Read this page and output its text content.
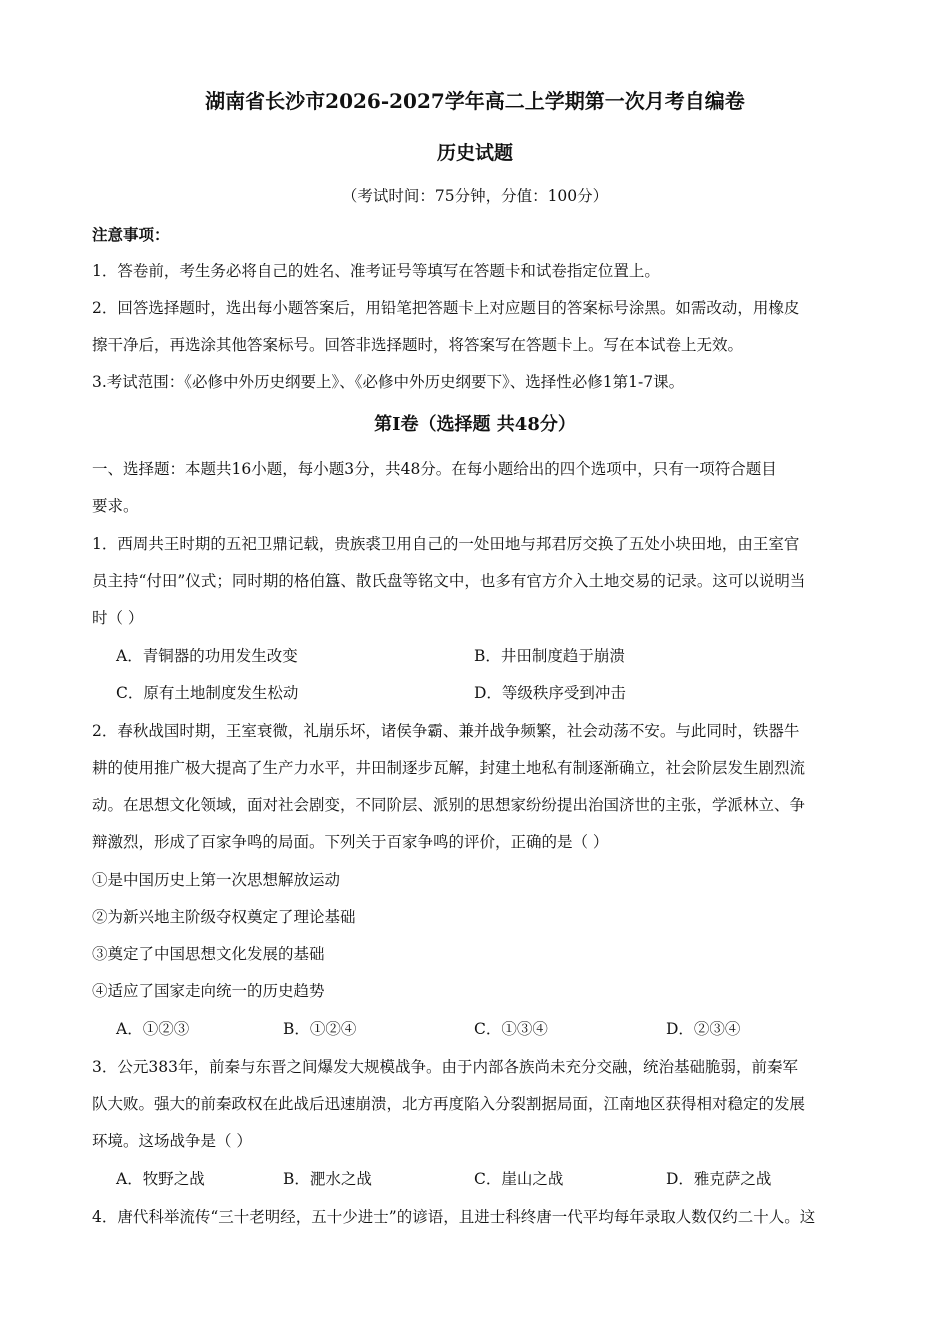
湖南省长沙市2026-2027学年高二上学期第一次月考自编卷
历史试题
（考试时间：75分钟，分值：100分）
注意事项：
1．答卷前，考生务必将自己的姓名、准考证号等填写在答题卡和试卷指定位置上。
2．回答选择题时，选出每小题答案后，用铅笔把答题卡上对应题目的答案标号涂黑。如需改动，用橡皮
擦干净后，再选涂其他答案标号。回答非选择题时，将答案写在答题卡上。写在本试卷上无效。
3.考试范围：《必修中外历史纲要上》、《必修中外历史纲要下》、选择性必修1第1-7课。
第Ⅰ卷（选择题 共48分）
一、选择题：本题共16小题，每小题3分，共48分。在每小题给出的四个选项中，只有一项符合题目
要求。
1．西周共王时期的五祀卫鼎记载，贵族裘卫用自己的一处田地与邦君厉交换了五处小块田地，由王室官
员主持“付田”仪式；同时期的格伯簋、散氏盘等铭文中，也多有官方介入土地交易的记录。这可以说明当
时（ ）
A．青铜器的功用发生改变	B．井田制度趋于崩溃
C．原有土地制度发生松动	D．等级秩序受到冲击
2．春秋战国时期，王室衰微，礼崩乐坏，诸侯争霸、兼并战争频繁，社会动荡不安。与此同时，铁器牛
耕的使用推广极大提高了生产力水平，井田制逐步瓦解，封建土地私有制逐渐确立，社会阶层发生剧烈流
动。在思想文化领域，面对社会剧变，不同阶层、派别的思想家纷纷提出治国济世的主张，学派林立、争
辩激烈，形成了百家争鸣的局面。下列关于百家争鸣的评价，正确的是（ ）
①是中国历史上第一次思想解放运动
②为新兴地主阶级夺权奠定了理论基础
③奠定了中国思想文化发展的基础
④适应了国家走向统一的历史趋势
A．①②③	B．①②④	C．①③④	D．②③④
3．公元383年，前秦与东晋之间爆发大规模战争。由于内部各族尚未充分交融，统治基础脆弱，前秦军
队大败。强大的前秦政权在此战后迅速崩溃，北方再度陷入分裂割据局面，江南地区获得相对稳定的发展
环境。这场战争是（ ）
A．牧野之战	B．淝水之战	C．崖山之战	D．雅克萨之战
4．唐代科举流传“三十老明经，五十少进士”的谚语，且进士科终唐一代平均每年录取人数仅约二十人。这
